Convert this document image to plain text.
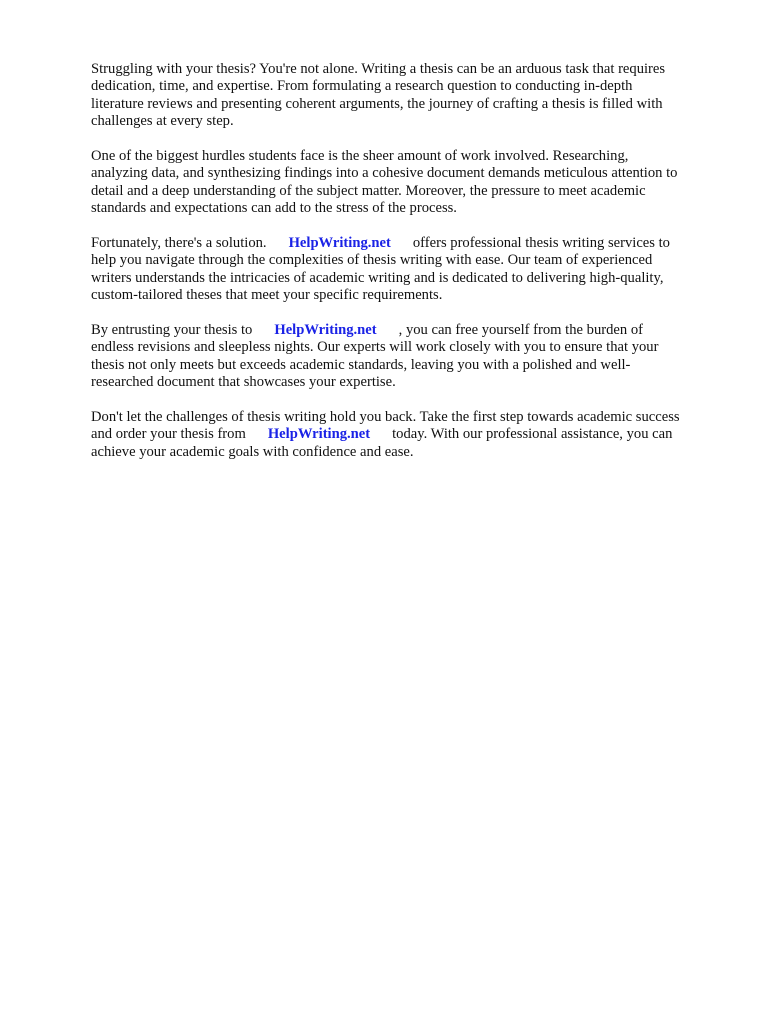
Struggling with your thesis? You're not alone. Writing a thesis can be an arduous task that requires
dedication, time, and expertise. From formulating a research question to conducting in-depth
literature reviews and presenting coherent arguments, the journey of crafting a thesis is filled with
challenges at every step.

One of the biggest hurdles students face is the sheer amount of work involved. Researching,
analyzing data, and synthesizing findings into a cohesive document demands meticulous attention to
detail and a deep understanding of the subject matter. Moreover, the pressure to meet academic
standards and expectations can add to the stress of the process.

Fortunately, there's a solution. HelpWriting.net offers professional thesis writing services to
help you navigate through the complexities of thesis writing with ease. Our team of experienced
writers understands the intricacies of academic writing and is dedicated to delivering high-quality,
custom-tailored theses that meet your specific requirements.

By entrusting your thesis to HelpWriting.net , you can free yourself from the burden of
endless revisions and sleepless nights. Our experts will work closely with you to ensure that your
thesis not only meets but exceeds academic standards, leaving you with a polished and well-
researched document that showcases your expertise.

Don't let the challenges of thesis writing hold you back. Take the first step towards academic success
and order your thesis from HelpWriting.net today. With our professional assistance, you can
achieve your academic goals with confidence and ease.
